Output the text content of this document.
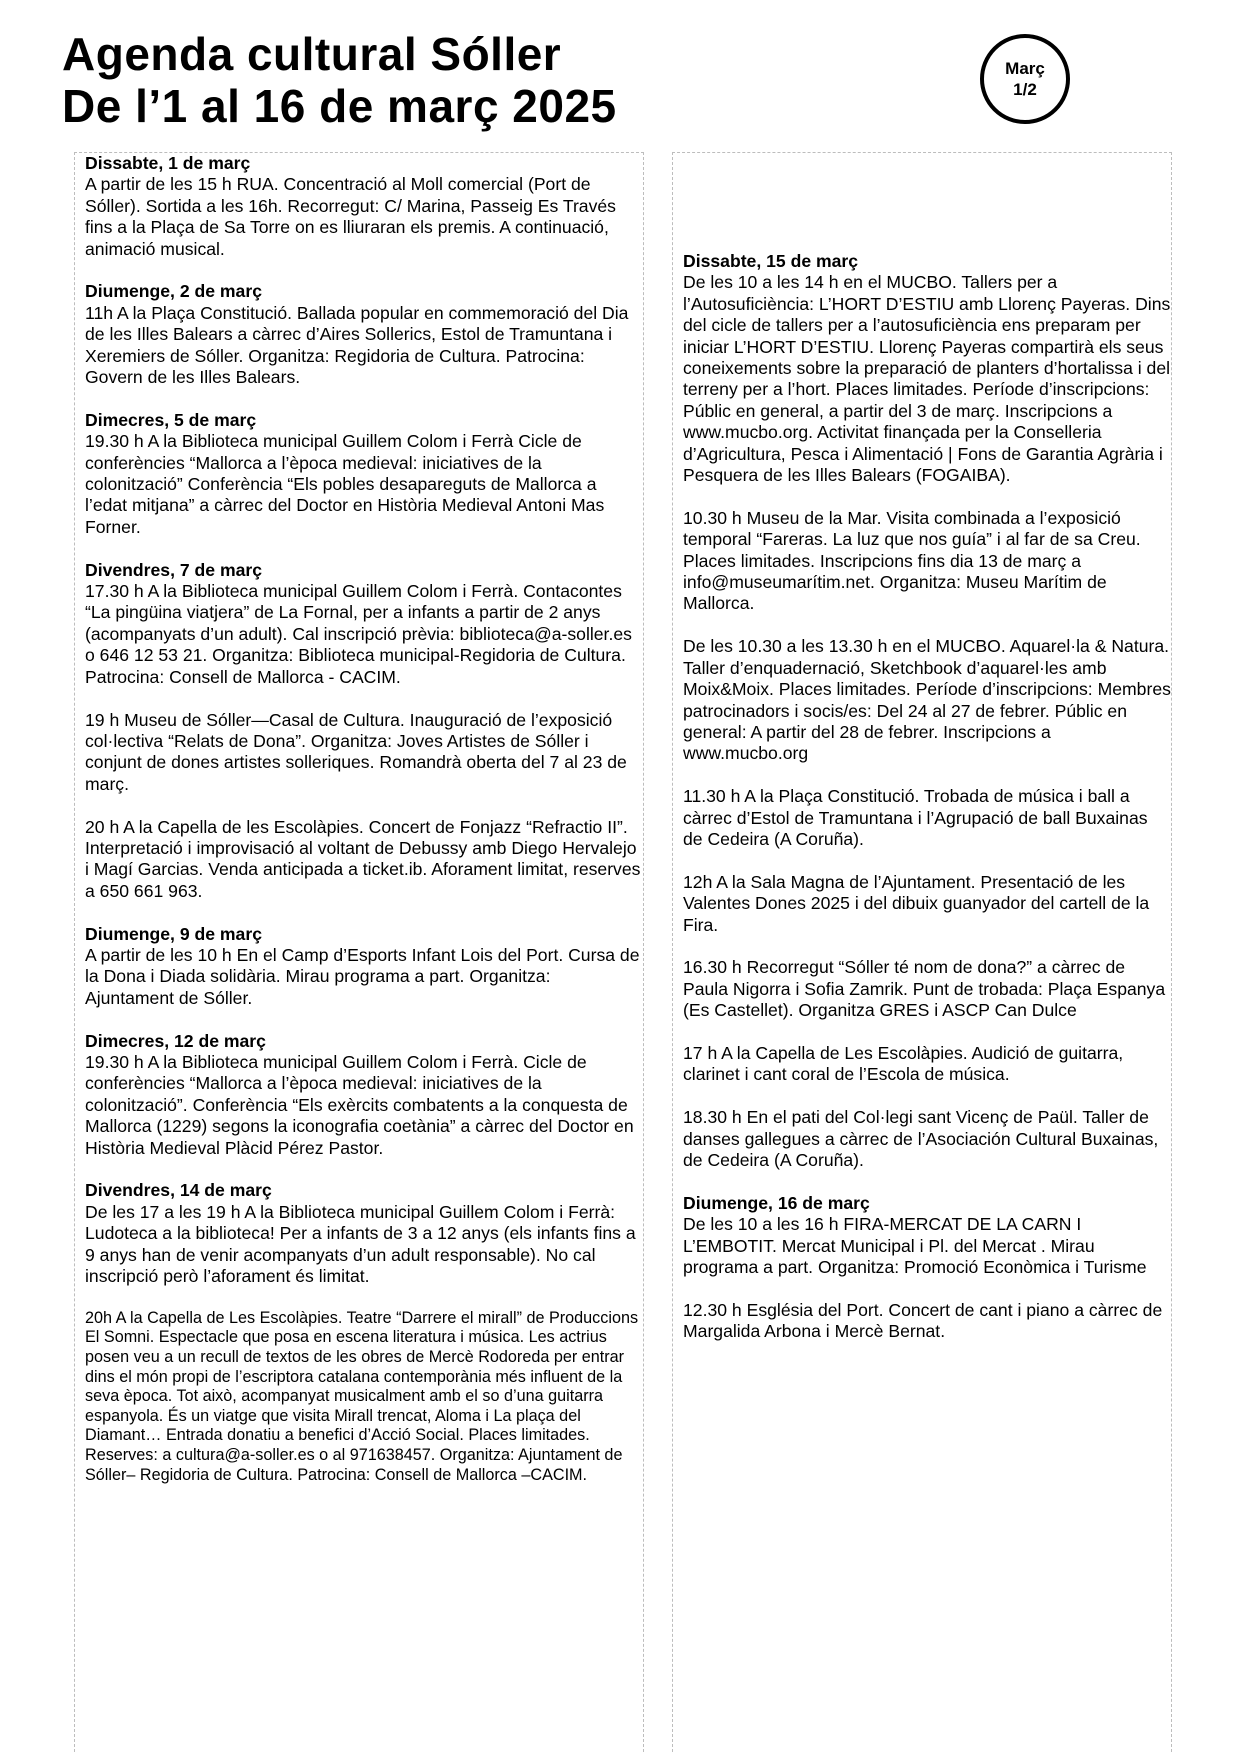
Agenda cultural Sóller
De l’1 al 16 de març 2025
Març
1/2

Dissabte, 1 de març

A partir de les 15 h RUA. Concentració al Moll comercial (Port de Sóller). Sortida a les 16h. Recorregut: C/ Marina, Passeig Es Través fins a la Plaça de Sa Torre on es lliuraran els premis. A continuació, animació musical.

Diumenge, 2 de març

11h A la Plaça Constitució. Ballada popular en commemoració del Dia de les Illes Balears a càrrec d’Aires Sollerics, Estol de Tramuntana i Xeremiers de Sóller. Organitza: Regidoria de Cultura. Patrocina: Govern de les Illes Balears.

Dimecres, 5 de març

19.30 h A la Biblioteca municipal Guillem Colom i Ferrà Cicle de conferències “Mallorca a l’època medieval: iniciatives de la colonització” Conferència “Els pobles desapareguts de Mallorca a l’edat mitjana” a càrrec del Doctor en Història Medieval Antoni Mas Forner.

Divendres, 7 de març

17.30 h A la Biblioteca municipal Guillem Colom i Ferrà. Contacontes “La pingüina viatjera” de La Fornal, per a infants a partir de 2 anys (acompanyats d’un adult). Cal inscripció prèvia: biblioteca@a-soller.es o 646 12 53 21. Organitza: Biblioteca municipal-Regidoria de Cultura. Patrocina: Consell de Mallorca - CACIM.

19 h Museu de Sóller—Casal de Cultura. Inauguració de l’exposició col·lectiva “Relats de Dona”. Organitza: Joves Artistes de Sóller i conjunt de dones artistes solleriques. Romandrà oberta del 7 al 23 de març.

20 h A la Capella de les Escolàpies. Concert de Fonjazz “Refractio II”. Interpretació i improvisació al voltant de Debussy amb Diego Hervalejo i Magí Garcias. Venda anticipada a ticket.ib. Aforament limitat, reserves a 650 661 963.

Diumenge, 9 de març

A partir de les 10 h En el Camp d’Esports Infant Lois del Port. Cursa de la Dona i Diada solidària. Mirau programa a part. Organitza: Ajuntament de Sóller.

Dimecres, 12 de març

19.30 h A la Biblioteca municipal Guillem Colom i Ferrà. Cicle de conferències “Mallorca a l’època medieval: iniciatives de la colonització”. Conferència “Els exèrcits combatents a la conquesta de Mallorca (1229) segons la iconografia coetània” a càrrec del Doctor en Història Medieval Plàcid Pérez Pastor.

Divendres, 14 de març

De les 17 a les 19 h A la Biblioteca municipal Guillem Colom i Ferrà: Ludoteca a la biblioteca! Per a infants de 3 a 12 anys (els infants fins a 9 anys han de venir acompanyats d’un adult responsable). No cal inscripció però l’aforament és limitat.

20h A la Capella de Les Escolàpies. Teatre “Darrere el mirall” de Produccions El Somni. Espectacle que posa en escena literatura i música. Les actrius posen veu a un recull de textos de les obres de Mercè Rodoreda per entrar dins el món propi de l’escriptora catalana contemporània més influent de la seva època. Tot això, acompanyat musicalment amb el so d’una guitarra espanyola. És un viatge que visita Mirall trencat, Aloma i La plaça del Diamant… Entrada donatiu a benefici d’Acció Social. Places limitades. Reserves: a cultura@a-soller.es o al 971638457. Organitza: Ajuntament de Sóller– Regidoria de Cultura. Patrocina: Consell de Mallorca –CACIM.

Dissabte, 15 de març

De les 10 a les 14 h en el MUCBO. Tallers per a l’Autosuficiència: L’HORT D’ESTIU amb Llorenç Payeras. Dins del cicle de tallers per a l’autosuficiència ens preparam per iniciar L’HORT D’ESTIU. Llorenç Payeras compartirà els seus coneixements sobre la preparació de planters d’hortalissa i del terreny per a l’hort. Places limitades. Període d’inscripcions: Públic en general, a partir del 3 de març. Inscripcions a www.mucbo.org. Activitat finançada per la Conselleria d’Agricultura, Pesca i Alimentació | Fons de Garantia Agrària i Pesquera de les Illes Balears (FOGAIBA).

10.30 h Museu de la Mar. Visita combinada a l’exposició temporal “Fareras. La luz que nos guía” i al far de sa Creu. Places limitades. Inscripcions fins dia 13 de març a info@museumarítim.net. Organitza: Museu Marítim de Mallorca.

De les 10.30 a les 13.30 h en el MUCBO. Aquarel·la & Natura. Taller d’enquadernació, Sketchbook d’aquarel·les amb Moix&Moix. Places limitades. Període d’inscripcions: Membres patrocinadors i socis/es: Del 24 al 27 de febrer. Públic en general: A partir del 28 de febrer. Inscripcions a www.mucbo.org

11.30 h A la Plaça Constitució. Trobada de música i ball a càrrec d’Estol de Tramuntana i l’Agrupació de ball Buxainas de Cedeira (A Coruña).

12h A la Sala Magna de l’Ajuntament. Presentació de les Valentes Dones 2025 i del dibuix guanyador del cartell de la Fira.

16.30 h Recorregut “Sóller té nom de dona?” a càrrec de Paula Nigorra i Sofia Zamrik. Punt de trobada: Plaça Espanya (Es Castellet). Organitza GRES i ASCP Can Dulce

17 h A la Capella de Les Escolàpies. Audició de guitarra, clarinet i cant coral de l’Escola de música.

18.30 h En el pati del Col·legi sant Vicenç de Paül. Taller de danses gallegues a càrrec de l’Asociación Cultural Buxainas, de Cedeira (A Coruña).

Diumenge, 16 de març

De les 10 a les 16 h FIRA-MERCAT DE LA CARN I L’EMBOTIT. Mercat Municipal i Pl. del Mercat . Mirau programa a part. Organitza: Promoció Econòmica i Turisme

12.30 h Església del Port. Concert de cant i piano a càrrec de Margalida Arbona i Mercè Bernat.
